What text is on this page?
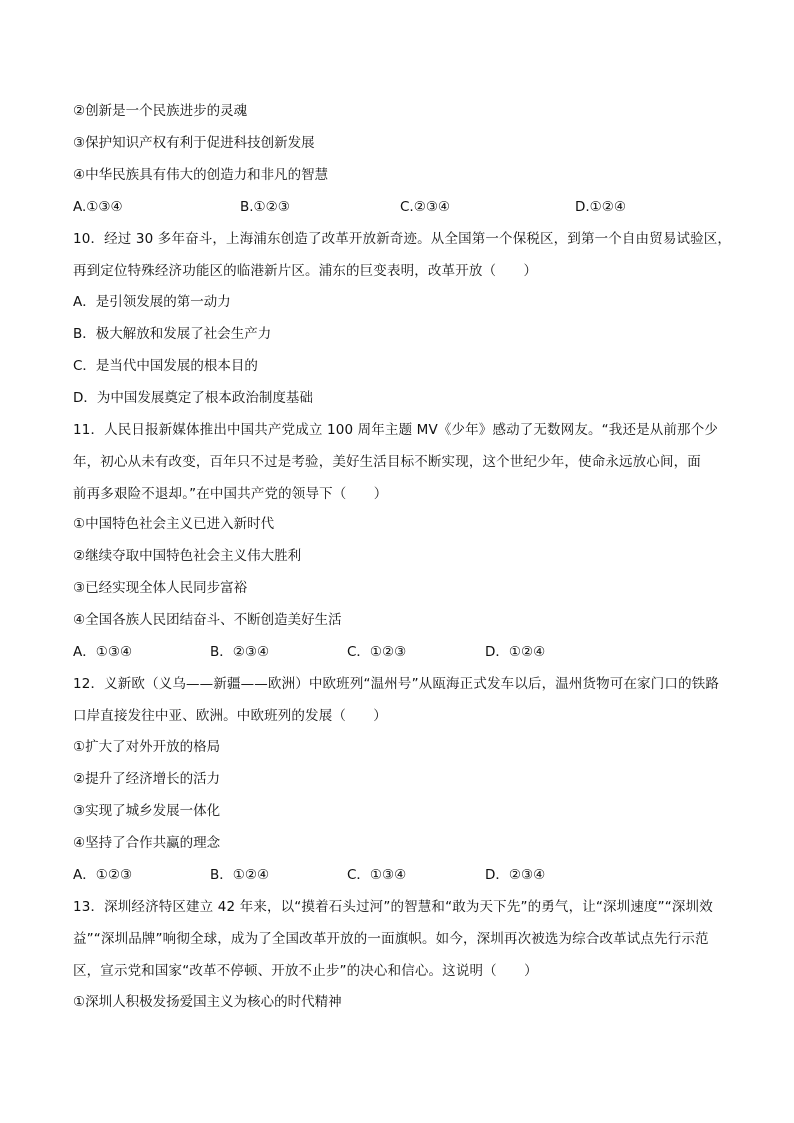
②创新是一个民族进步的灵魂
③保护知识产权有利于促进科技创新发展
④中华民族具有伟大的创造力和非凡的智慧
A.①③④	B.①②③	C.②③④	D.①②④
10．经过 30 多年奋斗，上海浦东创造了改革开放新奇迹。从全国第一个保税区，到第一个自由贸易试验区，
再到定位特殊经济功能区的临港新片区。浦东的巨变表明，改革开放（　　）
A．是引领发展的第一动力
B．极大解放和发展了社会生产力
C．是当代中国发展的根本目的
D．为中国发展奠定了根本政治制度基础
11．人民日报新媒体推出中国共产党成立 100 周年主题 MV《少年》感动了无数网友。“我还是从前那个少
年，初心从未有改变，百年只不过是考验，美好生活目标不断实现，这个世纪少年，使命永远放心间，面
前再多艰险不退却。”在中国共产党的领导下（　　）
①中国特色社会主义已进入新时代
②继续夺取中国特色社会主义伟大胜利
③已经实现全体人民同步富裕
④全国各族人民团结奋斗、不断创造美好生活
A．①③④	B．②③④	C．①②③	D．①②④
12．义新欧（义乌——新疆——欧洲）中欧班列“温州号”从瓯海正式发车以后，温州货物可在家门口的铁路
口岸直接发往中亚、欧洲。中欧班列的发展（　　）
①扩大了对外开放的格局
②提升了经济增长的活力
③实现了城乡发展一体化
④坚持了合作共赢的理念
A．①②③	B．①②④	C．①③④	D．②③④
13．深圳经济特区建立 42 年来，以“摸着石头过河”的智慧和“敢为天下先”的勇气，让“深圳速度”“深圳效
益”“深圳品牌”响彻全球，成为了全国改革开放的一面旗帜。如今，深圳再次被选为综合改革试点先行示范
区，宣示党和国家“改革不停顿、开放不止步”的决心和信心。这说明（　　）
①深圳人积极发扬爱国主义为核心的时代精神
